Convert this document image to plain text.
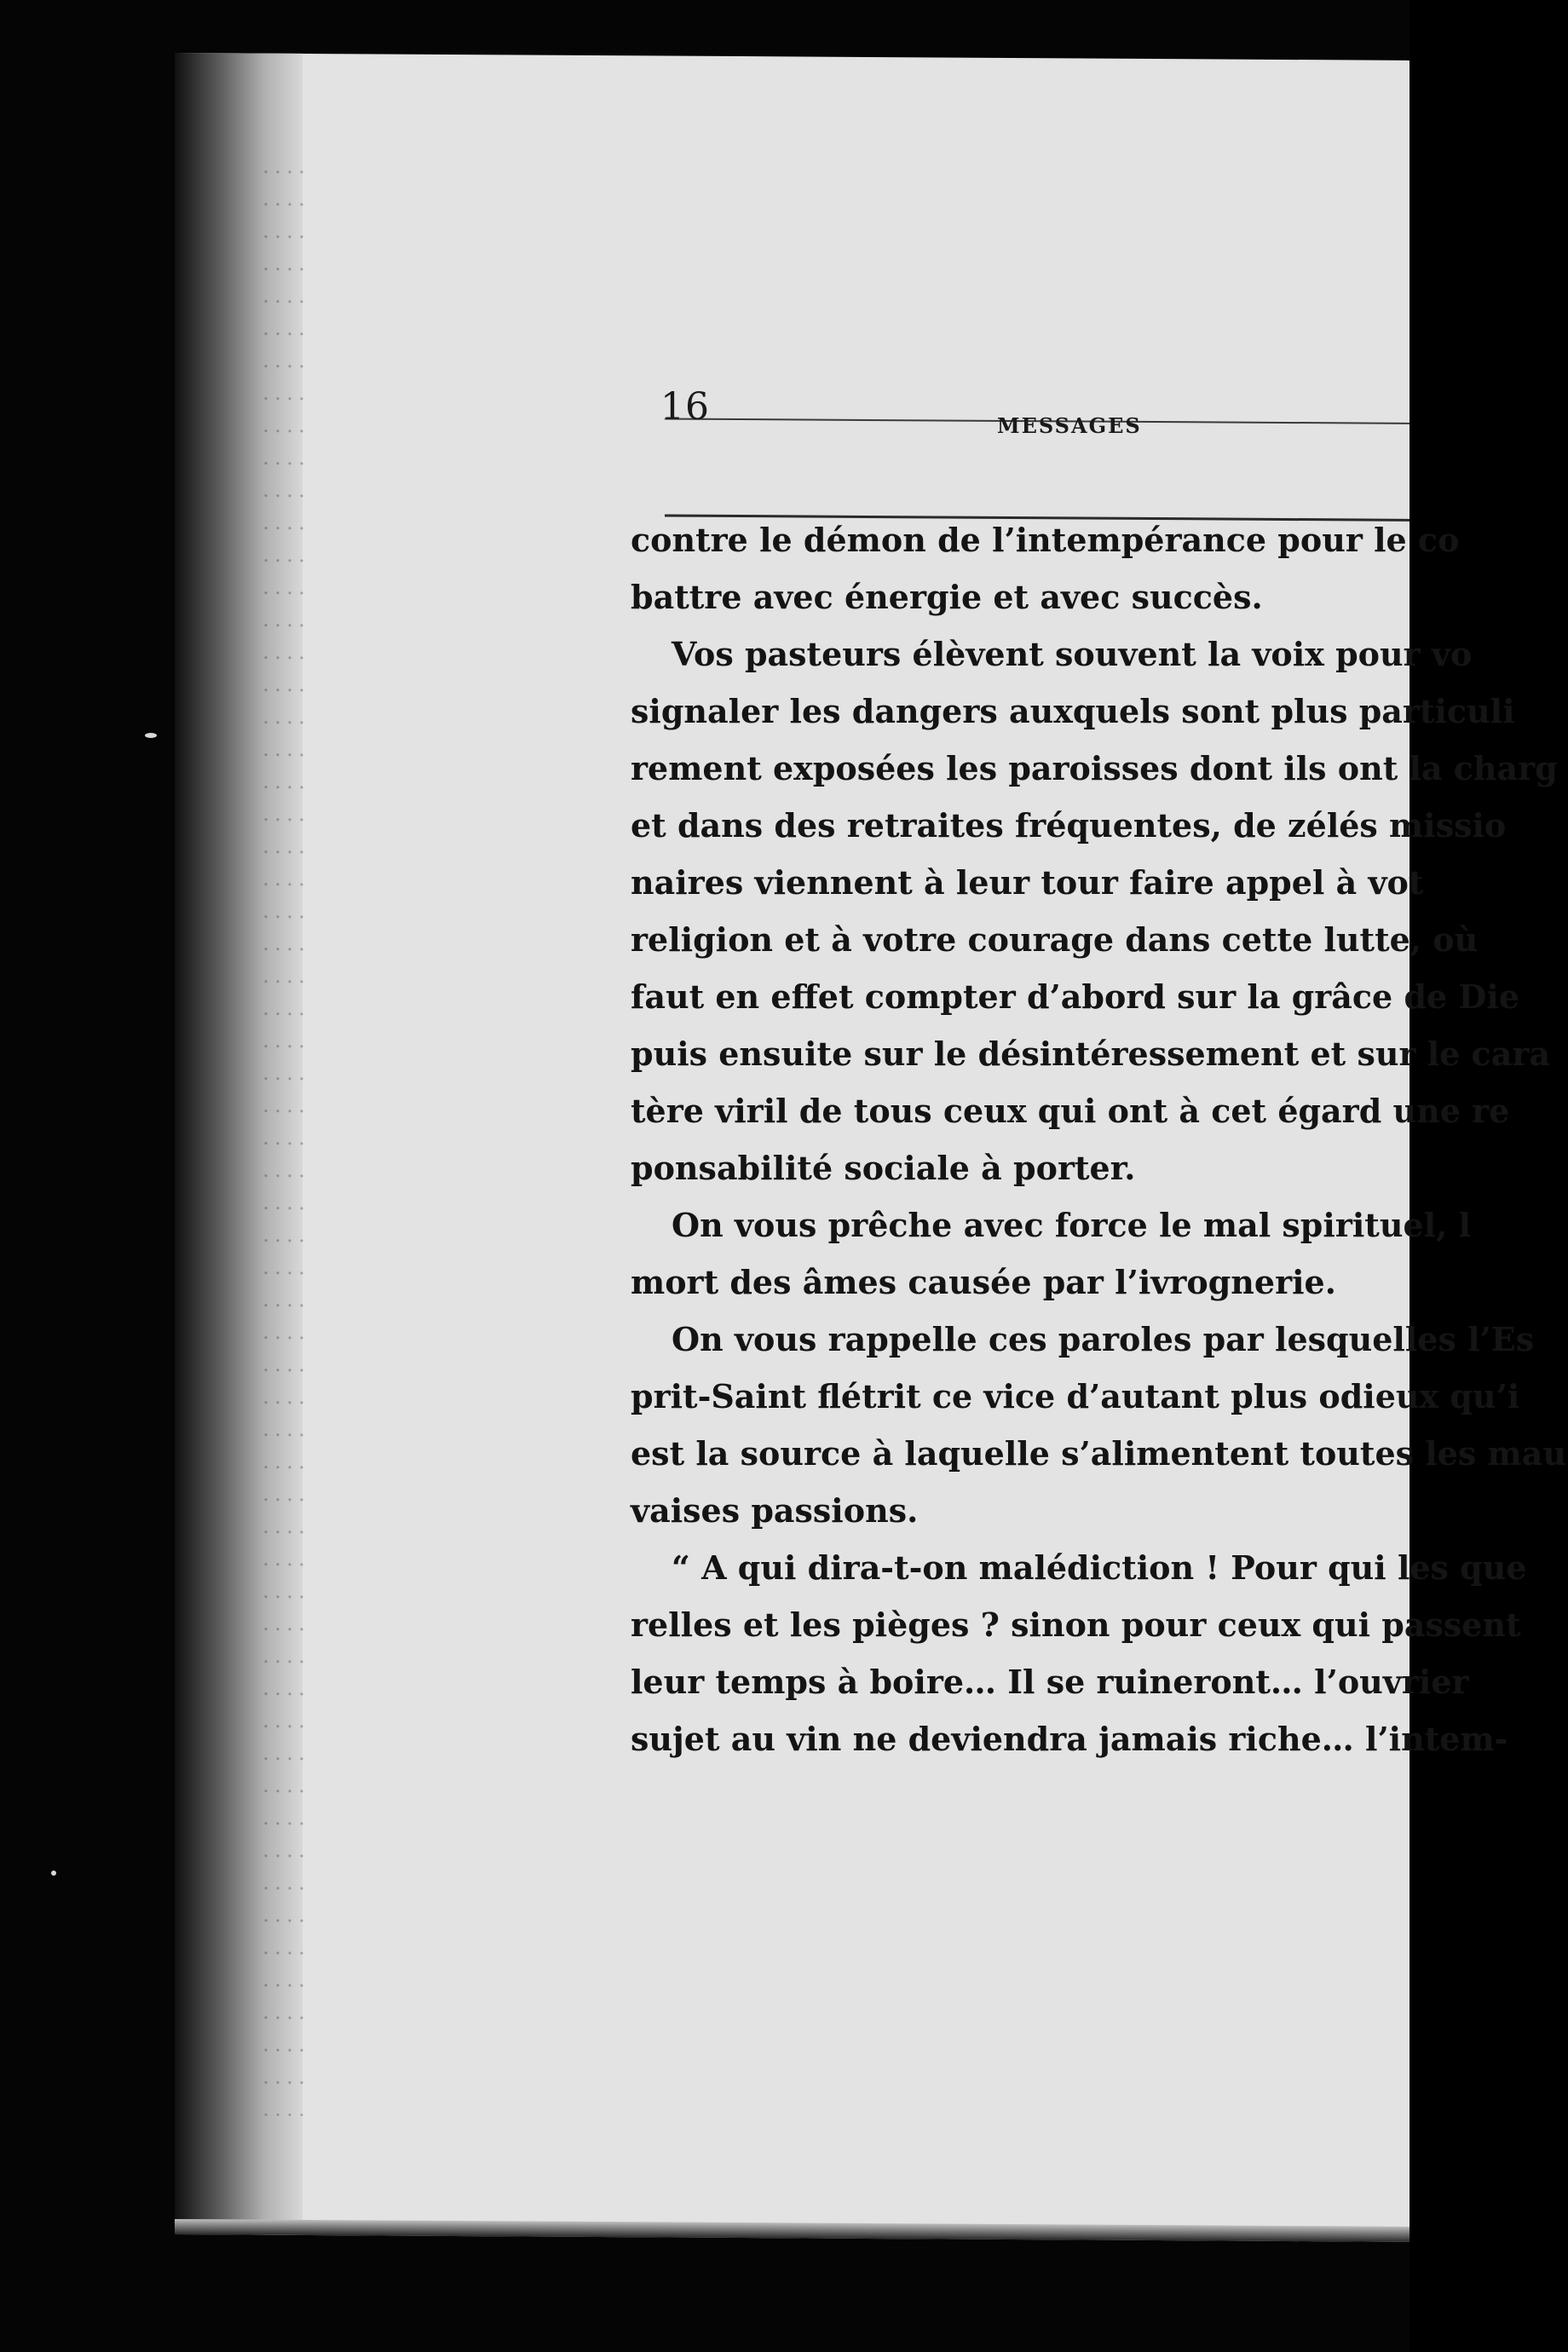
16	MESSAGES
contre le démon de l’intempérance pour le co
battre avec énergie et avec succès.
Vos pasteurs élèvent souvent la voix pour vo
signaler les dangers auxquels sont plus particuli
rement exposées les paroisses dont ils ont la charg
et dans des retraites fréquentes, de zélés missio
naires viennent à leur tour faire appel à vot
religion et à votre courage dans cette lutte, où
faut en effet compter d’abord sur la grâce de Die
puis ensuite sur le désintéressement et sur le cara
tère viril de tous ceux qui ont à cet égard une re
ponsabilité sociale à porter.
On vous prêche avec force le mal spirituel, l
mort des âmes causée par l’ivrognerie.
On vous rappelle ces paroles par lesquelles l’Es
prit-Saint flétrit ce vice d’autant plus odieux qu’i
est la source à laquelle s’alimentent toutes les mau
vaises passions.
“ A qui dira-t-on malédiction ! Pour qui les que
relles et les pièges ? sinon pour ceux qui passent
leur temps à boire… Il se ruineront… l’ouvrier
sujet au vin ne deviendra jamais riche… l’intem-
